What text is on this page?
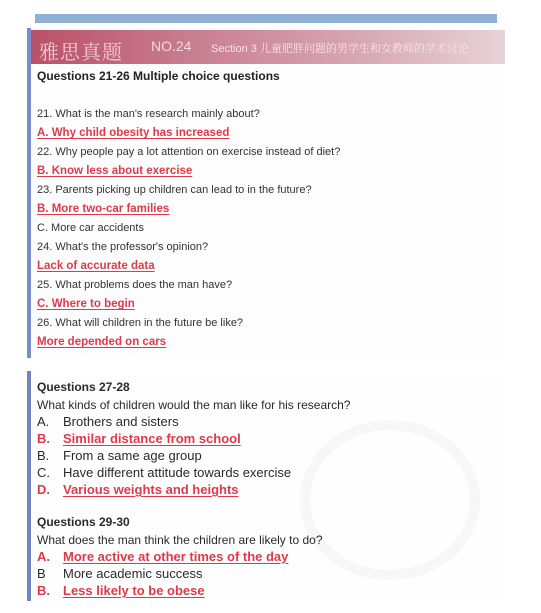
雅思真题 NO.24 Section 3 儿童肥胖问题的男学生和女教师的学术讨论
Questions 21-26 Multiple choice questions
21. What is the man's research mainly about?
A. Why child obesity has increased
22. Why people pay a lot attention on exercise instead of diet?
B. Know less about exercise
23. Parents picking up children can lead to in the future?
B. More two-car families
C. More car accidents
24. What's the professor's opinion?
Lack of accurate data
25. What problems does the man have?
C. Where to begin
26. What will children in the future be like?
More depended on cars
Questions 27-28
What kinds of children would the man like for his research?
A. Brothers and sisters
B. Similar distance from school
B. From a same age group
C. Have different attitude towards exercise
D. Various weights and heights
Questions 29-30
What does the man think the children are likely to do?
A. More active at other times of the day
B More academic success
B. Less likely to be obese
